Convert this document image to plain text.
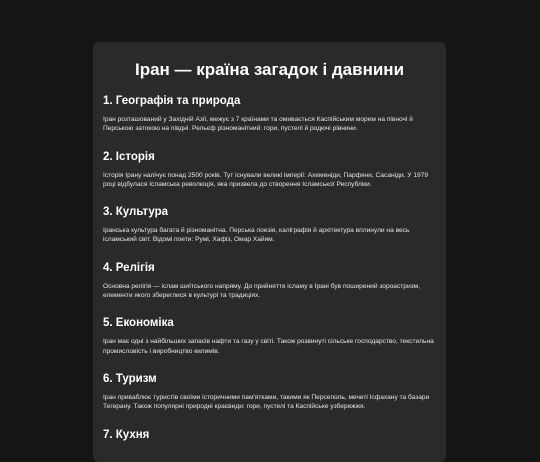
Іран — країна загадок і давнини
1. Географія та природа

Іран розташований у Західній Азії, межує з 7 країнами та омивається Каспійським морем на півночі й Перською затокою на півдні. Рельєф різноманітний: гори, пустелі й родючі рівнини.

2. Історія

Історія Ірану налічує понад 2500 років. Тут існували великі імперії: Ахеменіди, Парфяни, Сасаніди. У 1979 році відбулася Ісламська революція, яка призвела до створення Ісламської Республіки.

3. Культура

Іранська культура багата й різноманітна. Перська поезія, каліграфія й архітектура вплинули на весь ісламський світ. Відомі поети: Румі, Хафіз, Омар Хайям.

4. Релігія

Основна релігія — іслам шиїтського напряму. До прийняття ісламу в Ірані був поширений зороастризм, елементи якого збереглися в культурі та традиціях.

5. Економіка

Іран має одні з найбільших запасів нафти та газу у світі. Також розвинуті сільське господарство, текстильна промисловість і виробництво килимів.

6. Туризм

Іран приваблює туристів своїми історичними пам'ятками, такими як Персеполь, мечеті Ісфахану та базари Тегерану. Також популярні природні краєвиди: гори, пустелі та Каспійське узбережжя.

7. Кухня
